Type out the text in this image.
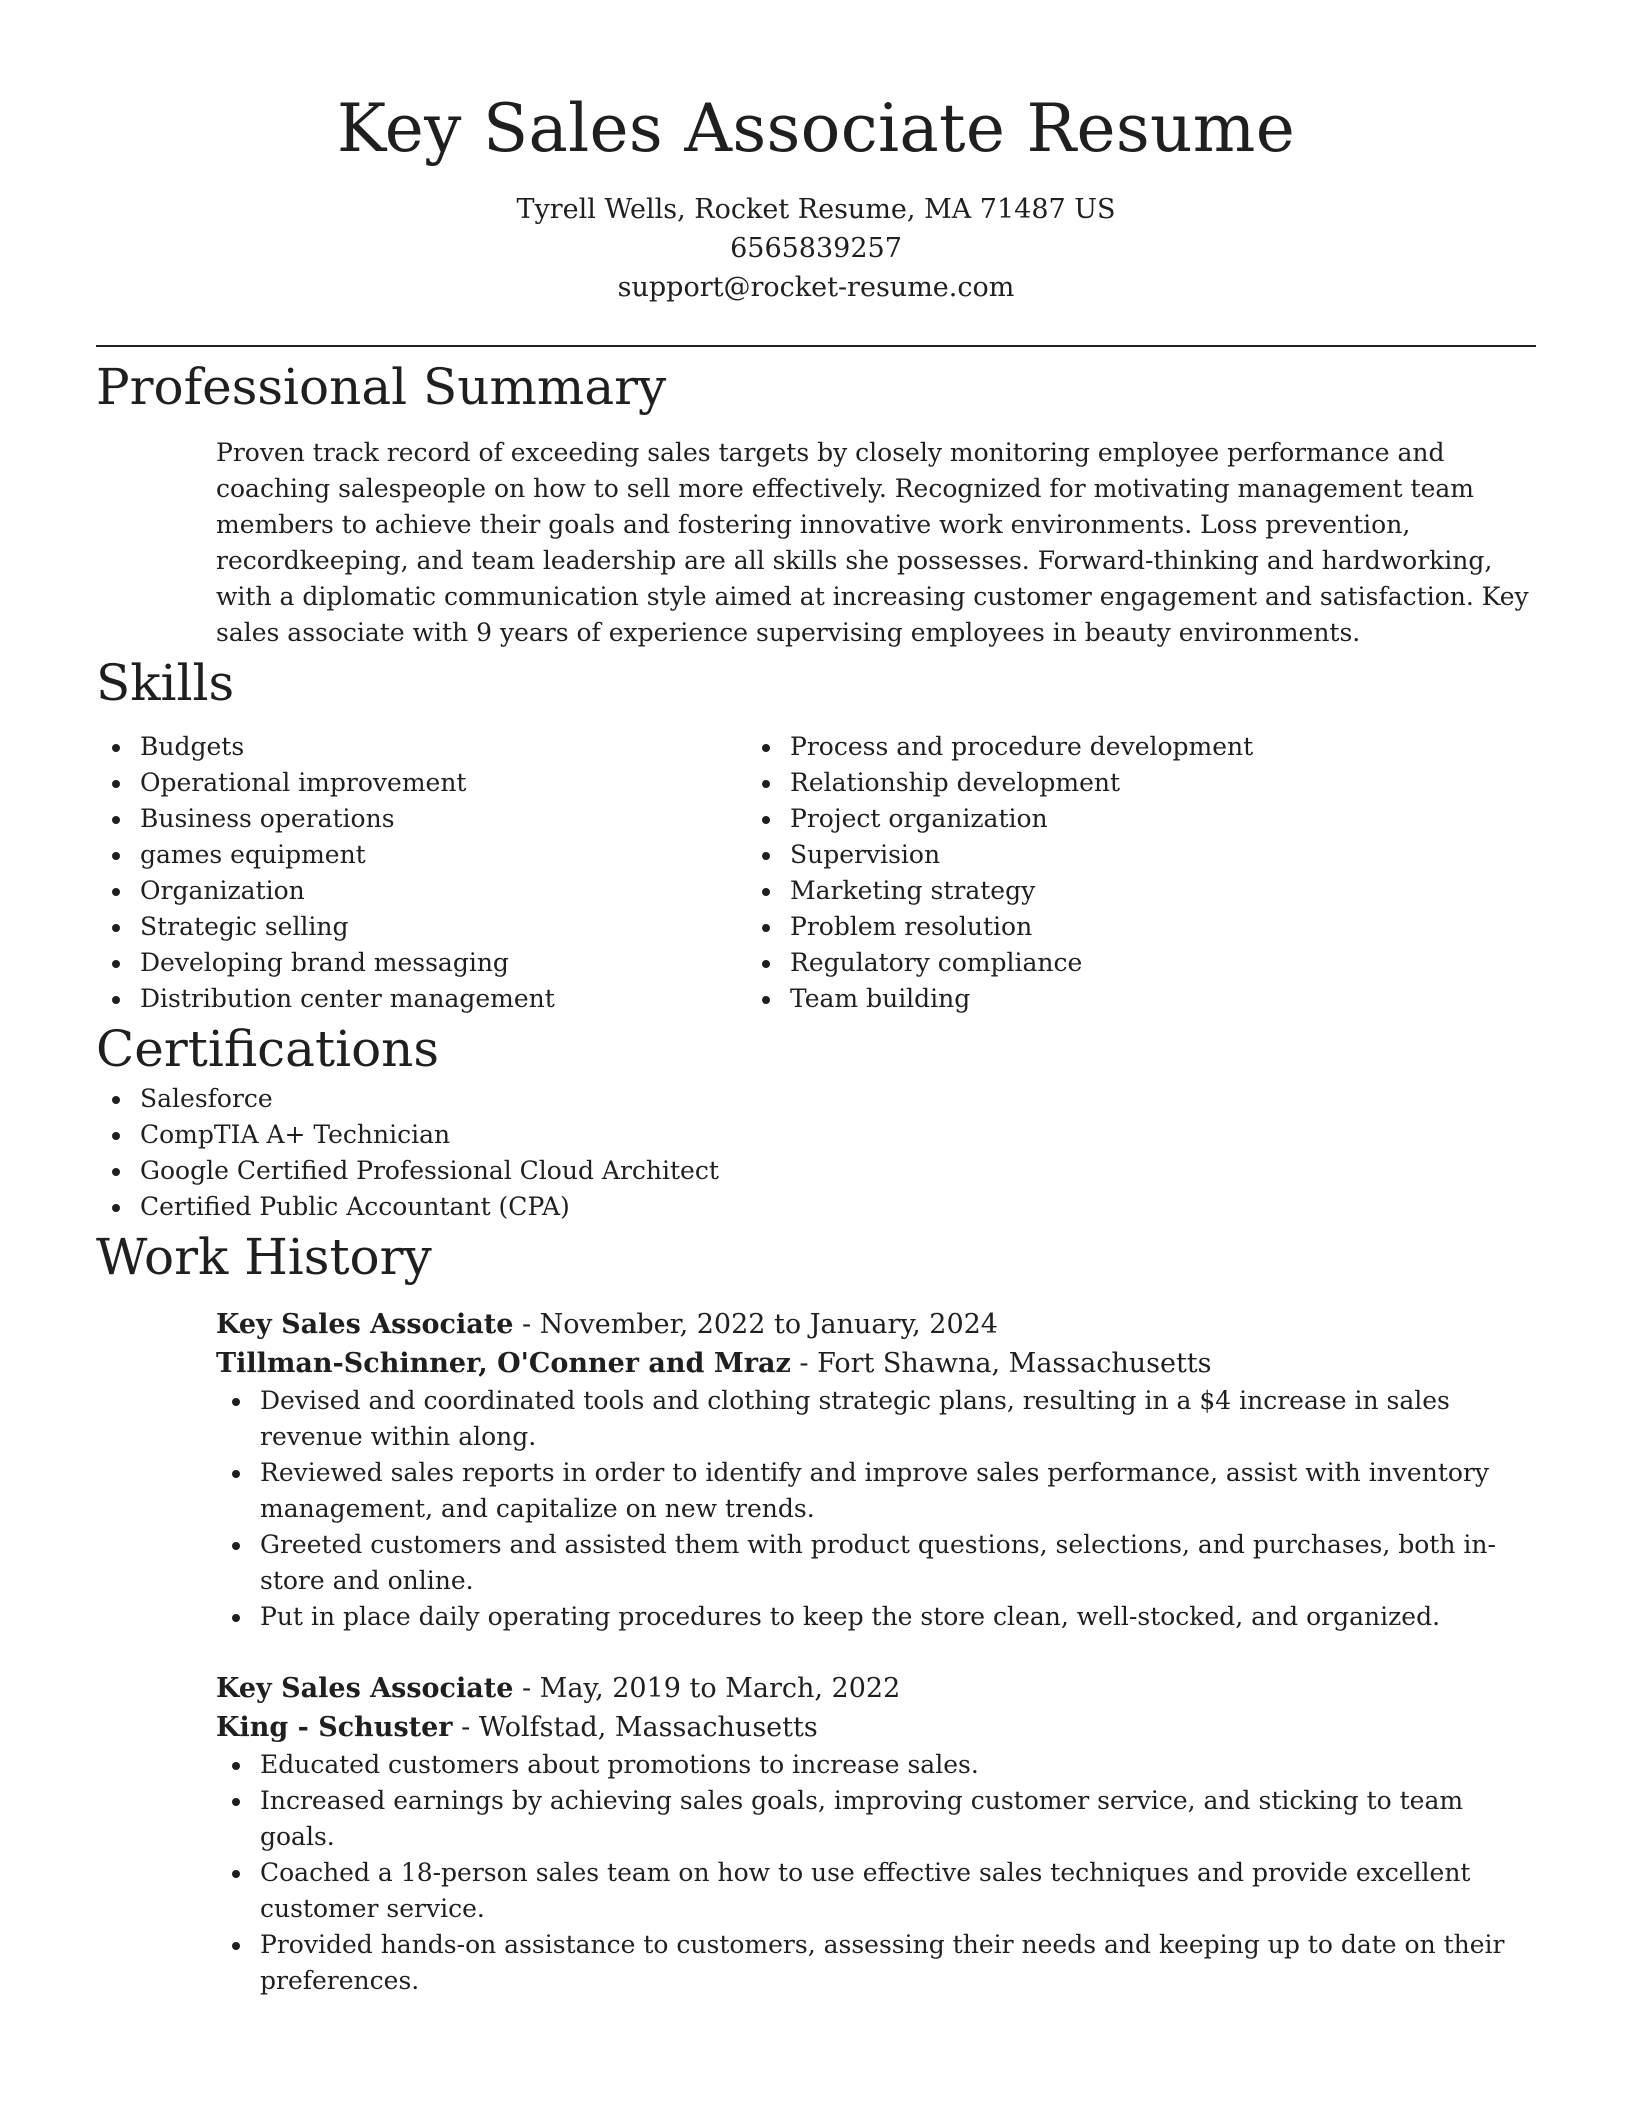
Key Sales Associate Resume
Tyrell Wells, Rocket Resume, MA 71487 US
6565839257
support@rocket-resume.com
Professional Summary

Proven track record of exceeding sales targets by closely monitoring employee performance and coaching salespeople on how to sell more effectively. Recognized for motivating management team members to achieve their goals and fostering innovative work environments. Loss prevention, recordkeeping, and team leadership are all skills she possesses. Forward-thinking and hardworking, with a diplomatic communication style aimed at increasing customer engagement and satisfaction. Key sales associate with 9 years of experience supervising employees in beauty environments.

Skills
Budgets
Operational improvement
Business operations
games equipment
Organization
Strategic selling
Developing brand messaging
Distribution center management
Process and procedure development
Relationship development
Project organization
Supervision
Marketing strategy
Problem resolution
Regulatory compliance
Team building
Certifications
Salesforce
CompTIA A+ Technician
Google Certified Professional Cloud Architect
Certified Public Accountant (CPA)
Work History
Key Sales Associate - November, 2022 to January, 2024
Tillman-Schinner, O'Conner and Mraz - Fort Shawna, Massachusetts
Devised and coordinated tools and clothing strategic plans, resulting in a $4 increase in sales revenue within along.
Reviewed sales reports in order to identify and improve sales performance, assist with inventory management, and capitalize on new trends.
Greeted customers and assisted them with product questions, selections, and purchases, both in-store and online.
Put in place daily operating procedures to keep the store clean, well-stocked, and organized.
Key Sales Associate - May, 2019 to March, 2022
King - Schuster - Wolfstad, Massachusetts
Educated customers about promotions to increase sales.
Increased earnings by achieving sales goals, improving customer service, and sticking to team goals.
Coached a 18-person sales team on how to use effective sales techniques and provide excellent customer service.
Provided hands-on assistance to customers, assessing their needs and keeping up to date on their preferences.
